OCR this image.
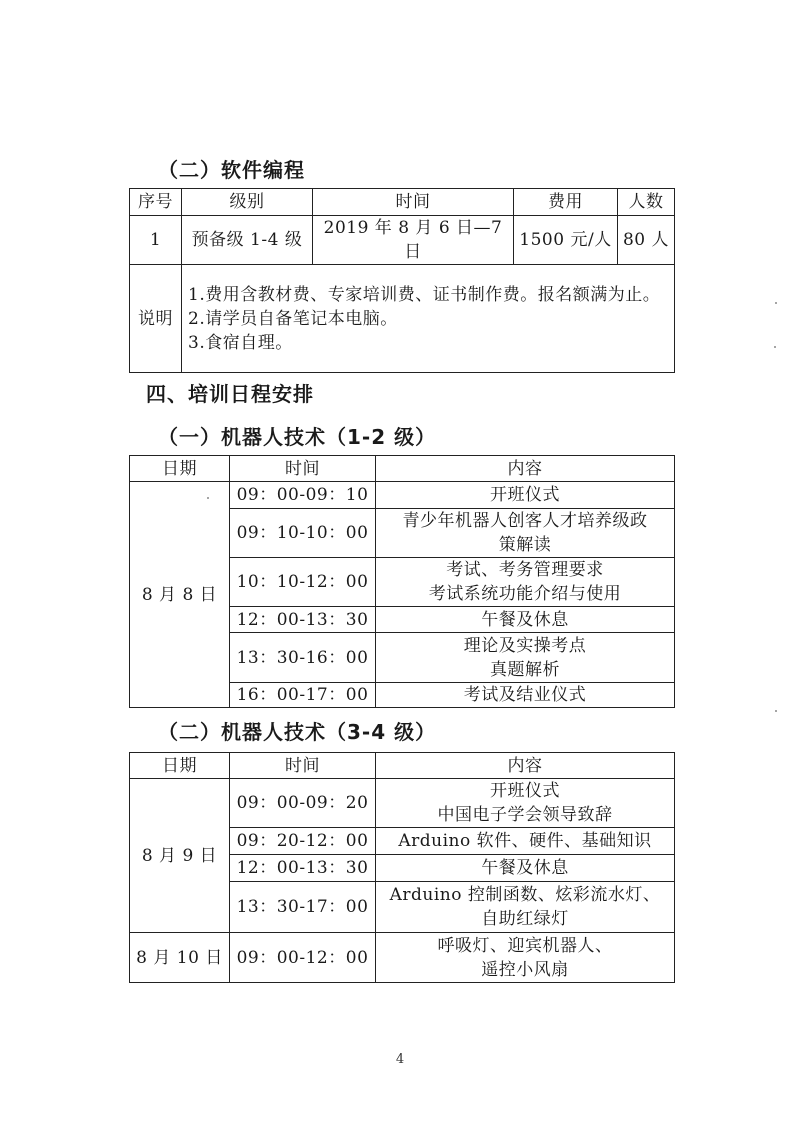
（二）软件编程
序号	级别	时间	费用	人数
1	预备级 1-4 级	2019 年 8 月 6 日—7 日	1500 元/人	80 人
说明	1.费用含教材费、专家培训费、证书制作费。报名额满为止。
2.请学员自备笔记本电脑。
3.食宿自理。			
四、培训日程安排
（一）机器人技术（1-2 级）
日期	时间	内容
8 月 8 日	09：00-09：10	开班仪式

	09：10-10：00	青少年机器人创客人才培养级政
策解读

	10：10-12：00	考试、考务管理要求
考试系统功能介绍与使用

	12：00-13：30	午餐及休息

	13：30-16：00	理论及实操考点
真题解析

	16：00-17：00	考试及结业仪式
（二）机器人技术（3-4 级）
日期	时间	内容
8 月 9 日	09：00-09：20	开班仪式
中国电子学会领导致辞

	09：20-12：00	Arduino 软件、硬件、基础知识

	12：00-13：30	午餐及休息

	13：30-17：00	Arduino 控制函数、炫彩流水灯、
自助红绿灯

8 月 10 日	09：00-12：00	呼吸灯、迎宾机器人、
遥控小风扇
4
